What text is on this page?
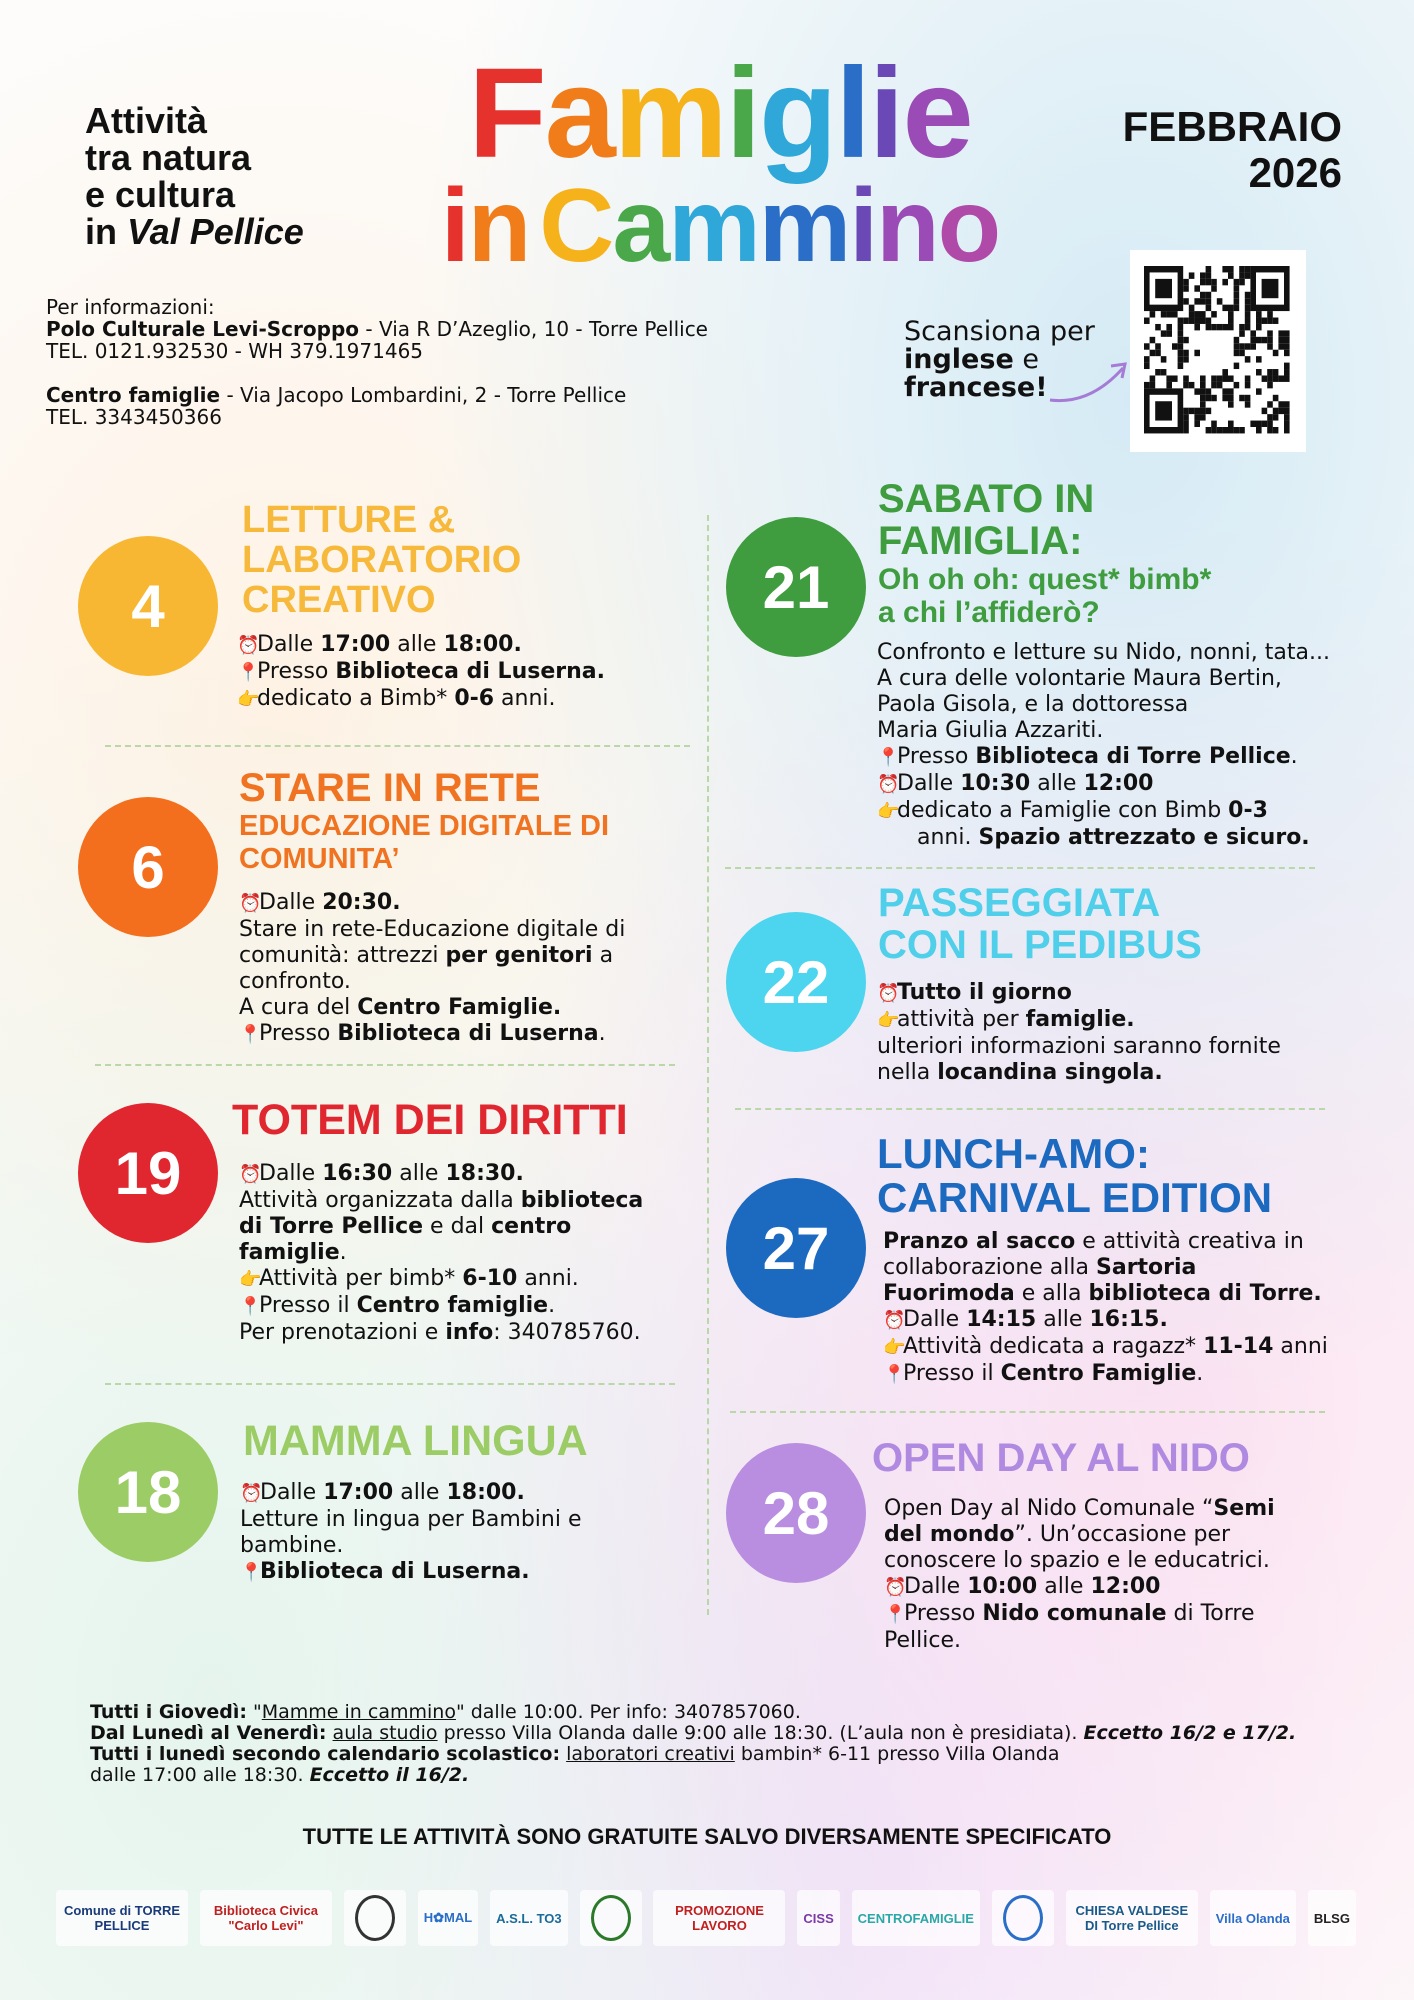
Attività
tra natura
e cultura
in Val Pellice
Famiglie
inCammino
FEBBRAIO
2026
Per informazioni:
Polo Culturale Levi-Scroppo - Via R D’Azeglio, 10 - Torre Pellice
TEL. 0121.932530 - WH 379.1971465
Centro famiglie - Via Jacopo Lombardini, 2 - Torre Pellice
TEL. 3343450366
Scansiona per
inglese e
francese!
4
LETTURE &
LABORATORIO
CREATIVO
⏰Dalle 17:00 alle 18:00.
📍Presso Biblioteca di Luserna.
👉dedicato a Bimb* 0-6 anni.
6
STARE IN RETE
EDUCAZIONE DIGITALE DI
COMUNITA’
⏰Dalle 20:30.
Stare in rete-Educazione digitale di
comunità: attrezzi per genitori a
confronto.
A cura del Centro Famiglie.
📍Presso Biblioteca di Luserna.
19
TOTEM DEI DIRITTI
⏰Dalle 16:30 alle 18:30.
Attività organizzata dalla biblioteca
di Torre Pellice e dal centro
famiglie.
👉Attività per bimb* 6-10 anni.
📍Presso il Centro famiglie.
Per prenotazioni e info: 340785760.
18
MAMMA LINGUA
⏰Dalle 17:00 alle 18:00.
Letture in lingua per Bambini e
bambine.
📍Biblioteca di Luserna.
21
SABATO IN
FAMIGLIA:
Oh oh oh: quest* bimb*
a chi l’affiderò?
Confronto e letture su Nido, nonni, tata...
A cura delle volontarie Maura Bertin,
Paola Gisola, e la dottoressa
Maria Giulia Azzariti.
📍Presso Biblioteca di Torre Pellice.
⏰Dalle 10:30 alle 12:00
👉dedicato a Famiglie con Bimb 0-3
anni. Spazio attrezzato e sicuro.
22
PASSEGGIATA
CON IL PEDIBUS
⏰Tutto il giorno
👉attività per famiglie.
ulteriori informazioni saranno fornite
nella locandina singola.
27
LUNCH-AMO:
CARNIVAL EDITION
Pranzo al sacco e attività creativa in
collaborazione alla Sartoria
Fuorimoda e alla biblioteca di Torre.
⏰Dalle 14:15 alle 16:15.
👉Attività dedicata a ragazz* 11-14 anni
📍Presso il Centro Famiglie.
28
OPEN DAY AL NIDO
Open Day al Nido Comunale “Semi
del mondo”. Un’occasione per
conoscere lo spazio e le educatrici.
⏰Dalle 10:00 alle 12:00
📍Presso Nido comunale di Torre
Pellice.
Tutti i Giovedì: "Mamme in cammino" dalle 10:00. Per info: 3407857060.
Dal Lunedì al Venerdì: aula studio presso Villa Olanda dalle 9:00 alle 18:30. (L’aula non è presidiata). Eccetto 16/2 e 17/2.
Tutti i lunedì secondo calendario scolastico: laboratori creativi bambin* 6-11 presso Villa Olanda
dalle 17:00 alle 18:30. Eccetto il 16/2.
TUTTE LE ATTIVITÀ SONO GRATUITE SALVO DIVERSAMENTE SPECIFICATO
Comune di TORRE PELLICE
Biblioteca Civica "Carlo Levi"
H✿MAL	A.S.L. TO3	PROMOZIONE LAVORO	CISS	CENTROFAMIGLIE	CHIESA VALDESE DI Torre Pellice	Villa Olanda	BLSG
